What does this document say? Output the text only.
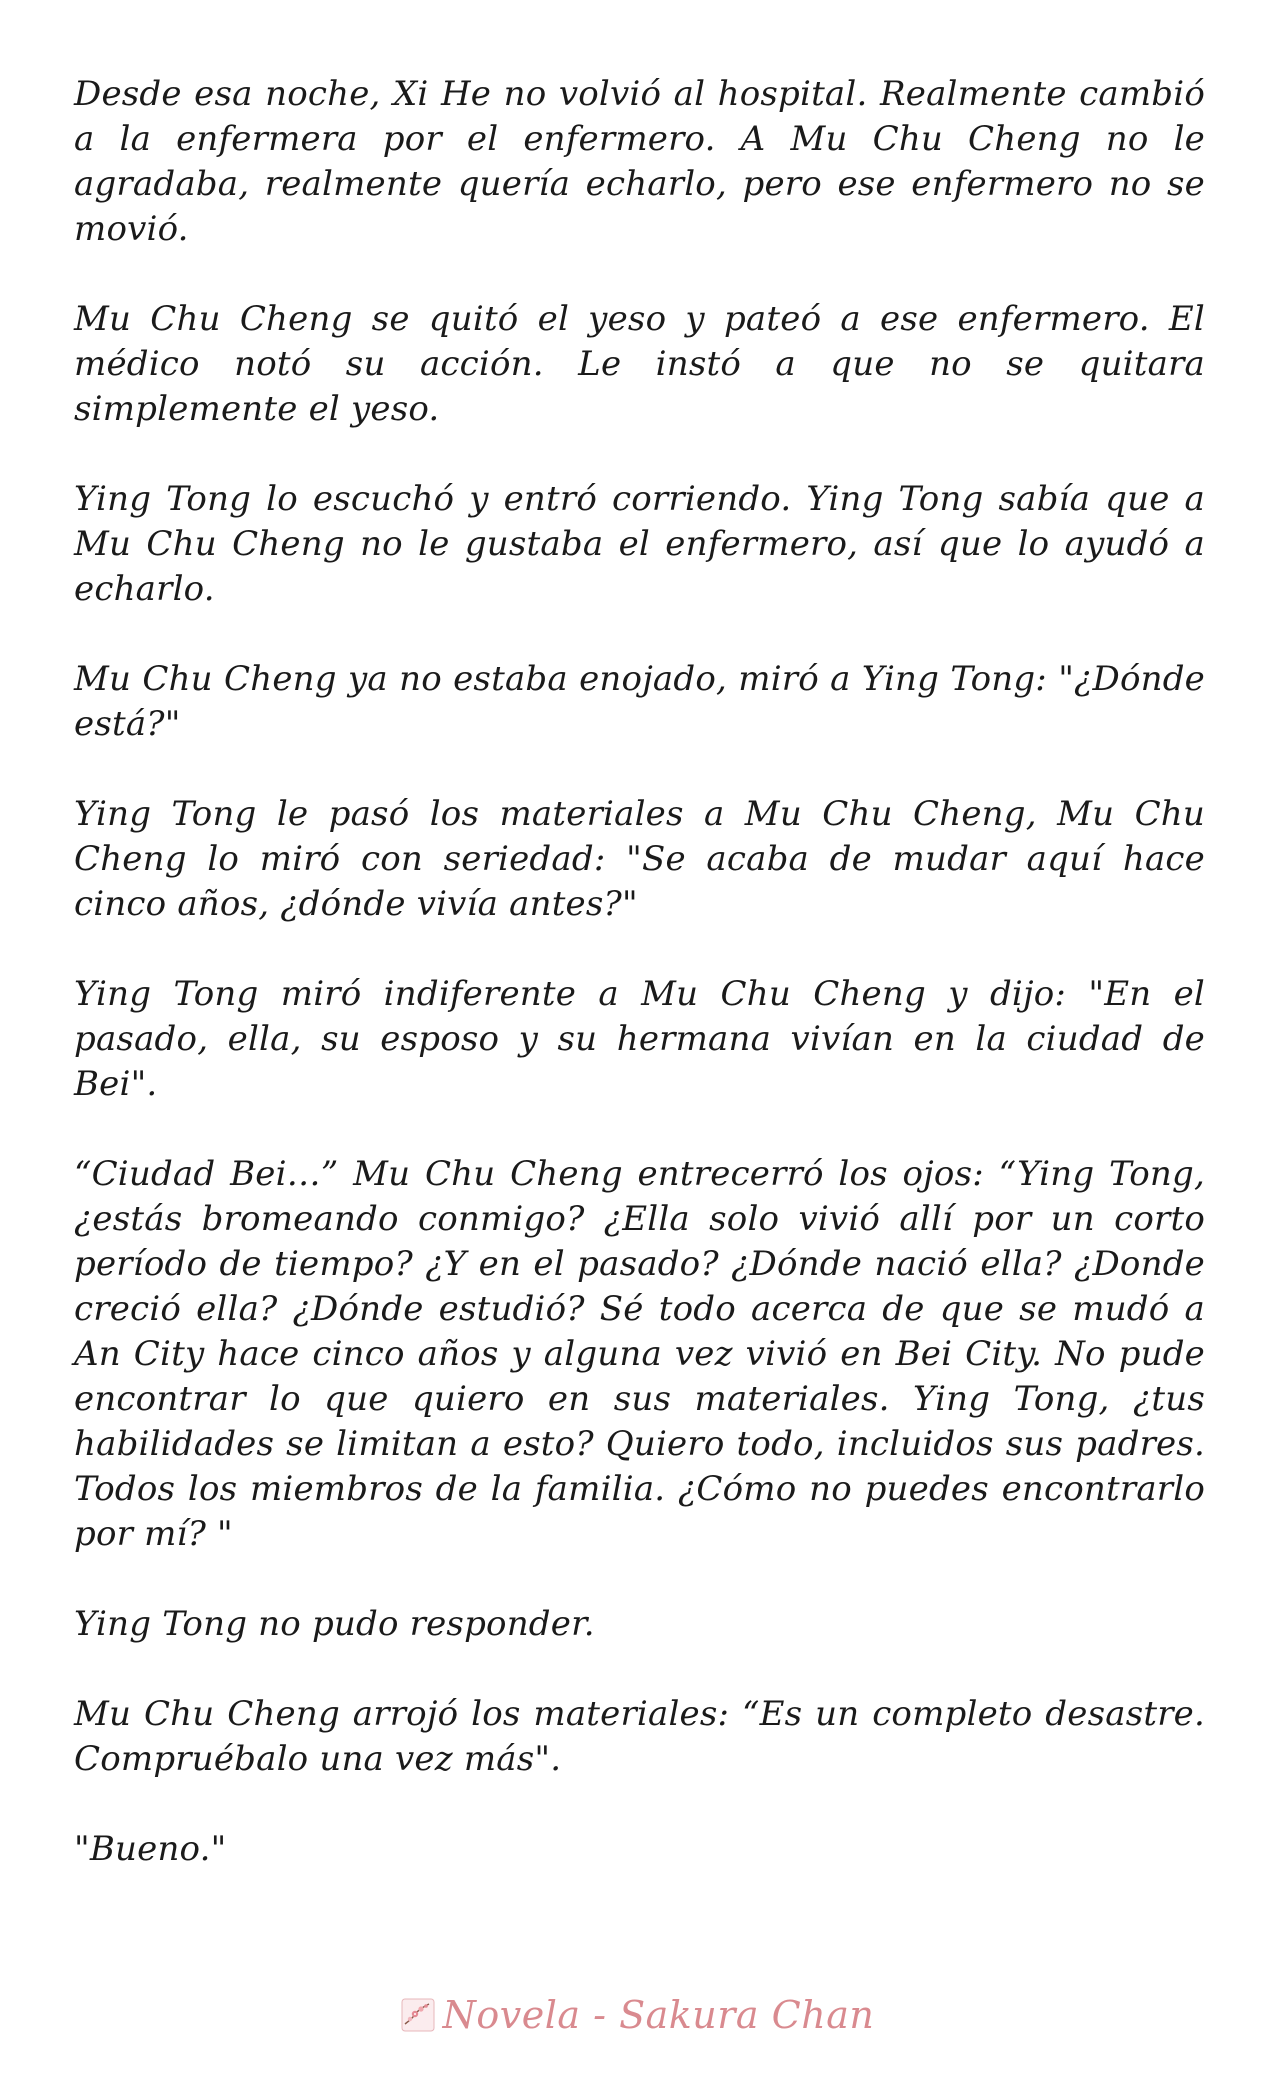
Desde esa noche, Xi He no volvió al hospital. Realmente cambió a la enfermera por el enfermero. A Mu Chu Cheng no le agradaba, realmente quería echarlo, pero ese enfermero no se movió.

Mu Chu Cheng se quitó el yeso y pateó a ese enfermero. El médico notó su acción. Le instó a que no se quitara simplemente el yeso.

Ying Tong lo escuchó y entró corriendo. Ying Tong sabía que a Mu Chu Cheng no le gustaba el enfermero, así que lo ayudó a echarlo.

Mu Chu Cheng ya no estaba enojado, miró a Ying Tong: "¿Dónde está?"

Ying Tong le pasó los materiales a Mu Chu Cheng, Mu Chu Cheng lo miró con seriedad: "Se acaba de mudar aquí hace cinco años, ¿dónde vivía antes?"

Ying Tong miró indiferente a Mu Chu Cheng y dijo: "En el pasado, ella, su esposo y su hermana vivían en la ciudad de Bei".

“Ciudad Bei…” Mu Chu Cheng entrecerró los ojos: “Ying Tong, ¿estás bromeando conmigo? ¿Ella solo vivió allí por un corto período de tiempo? ¿Y en el pasado? ¿Dónde nació ella? ¿Donde creció ella? ¿Dónde estudió? Sé todo acerca de que se mudó a An City hace cinco años y alguna vez vivió en Bei City. No pude encontrar lo que quiero en sus materiales. Ying Tong, ¿tus habilidades se limitan a esto? Quiero todo, incluidos sus padres. Todos los miembros de la familia. ¿Cómo no puedes encontrarlo por mí? "

Ying Tong no pudo responder.

Mu Chu Cheng arrojó los materiales: “Es un completo desastre. Compruébalo una vez más".

"Bueno."

Novela - Sakura Chan
